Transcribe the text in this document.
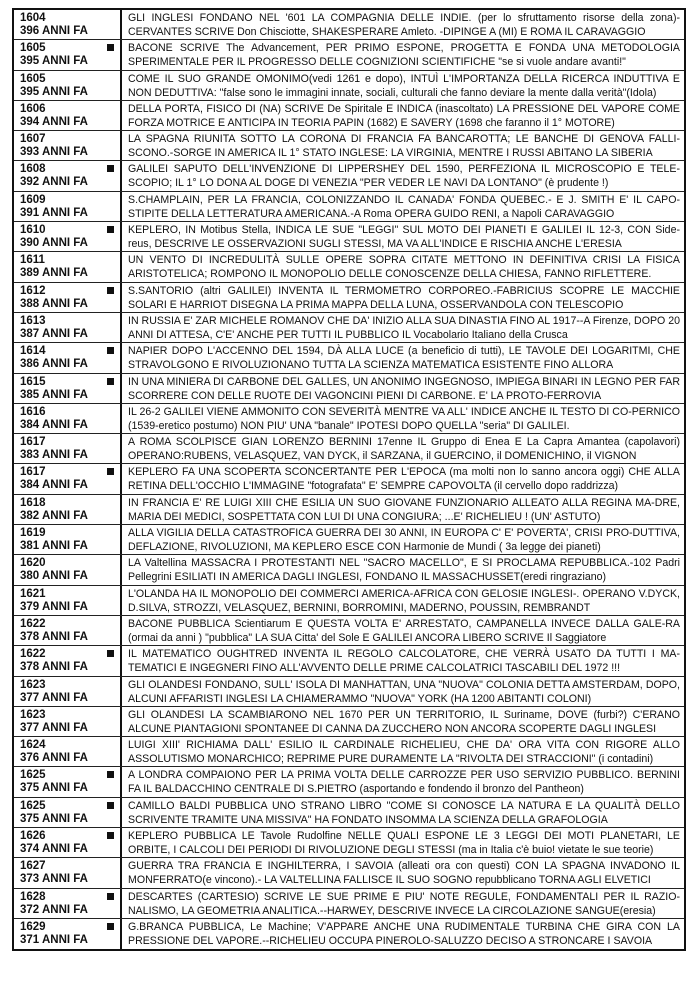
1604
396 ANNI FA
GLI INGLESI FONDANO NEL '601 LA COMPAGNIA DELLE INDIE. (per lo sfruttamento risorse della zona)-CERVANTES SCRIVE Don Chisciotte, SHAKESPERARE Amleto. -DIPINGE A (MI) E ROMA IL CARAVAGGIO
1605
395 ANNI FA
BACONE SCRIVE The Advancement, PER PRIMO ESPONE, PROGETTA E FONDA UNA METODOLOGIA SPERIMENTALE PER IL PROGRESSO DELLE COGNIZIONI SCIENTIFICHE "se si vuole andare avanti!"
1605
395 ANNI FA
COME IL SUO GRANDE OMONIMO(vedi 1261 e dopo), INTUÌ L'IMPORTANZA DELLA RICERCA INDUTTIVA E NON DEDUTTIVA: "false sono le immagini innate, sociali, culturali che fanno deviare la mente dalla verità"(Idola)
1606
394 ANNI FA
DELLA PORTA, FISICO DI (NA) SCRIVE De Spiritale E INDICA (inascoltato) LA PRESSIONE DEL VAPORE COME FORZA MOTRICE E ANTICIPA IN TEORIA PAPIN (1682) E SAVERY (1698 che faranno il 1° MOTORE)
1607
393 ANNI FA
LA SPAGNA RIUNITA SOTTO LA CORONA DI FRANCIA FA BANCAROTTA; LE BANCHE DI GENOVA FALLI-SCONO.-SORGE IN AMERICA IL 1° STATO INGLESE: LA VIRGINIA, MENTRE I RUSSI ABITANO LA SIBERIA
1608
392 ANNI FA
GALILEI SAPUTO DELL'INVENZIONE DI LIPPERSHEY DEL 1590, PERFEZIONA IL MICROSCOPIO E TELE-SCOPIO; IL 1° LO DONA AL DOGE DI VENEZIA "PER VEDER LE NAVI DA LONTANO" (è prudente !)
1609
391 ANNI FA
S.CHAMPLAIN, PER LA FRANCIA, COLONIZZANDO IL CANADA' FONDA QUEBEC.- E J. SMITH E' IL CAPO-STIPITE DELLA LETTERATURA AMERICANA.-A Roma OPERA GUIDO RENI, a Napoli CARAVAGGIO
1610
390 ANNI FA
KEPLERO, IN Motibus Stella, INDICA LE SUE "LEGGI" SUL MOTO DEI PIANETI E GALILEI IL 12-3, CON Side-reus, DESCRIVE LE OSSERVAZIONI SUGLI STESSI, MA VA ALL'INDICE E RISCHIA ANCHE L'ERESIA
1611
389 ANNI FA
UN VENTO DI INCREDULITÀ SULLE OPERE SOPRA CITATE METTONO IN DEFINITIVA CRISI LA FISICA ARISTOTELICA; ROMPONO IL MONOPOLIO DELLE CONOSCENZE DELLA CHIESA, FANNO RIFLETTERE.
1612
388 ANNI FA
S.SANTORIO (altri GALILEI) INVENTA IL TERMOMETRO CORPOREO.-FABRICIUS SCOPRE LE MACCHIE SOLARI E HARRIOT DISEGNA LA PRIMA MAPPA DELLA LUNA, OSSERVANDOLA CON TELESCOPIO
1613
387 ANNI FA
IN RUSSIA E' ZAR MICHELE ROMANOV CHE DA' INIZIO ALLA SUA DINASTIA FINO AL 1917--A Firenze, DOPO 20 ANNI DI ATTESA, C'E' ANCHE PER TUTTI IL PUBBLICO IL Vocabolario Italiano della Crusca
1614
386 ANNI FA
NAPIER DOPO L'ACCENNO DEL 1594, DÀ ALLA LUCE (a beneficio di tutti), LE TAVOLE DEI LOGARITMI, CHE STRAVOLGONO E RIVOLUZIONANO TUTTA LA SCIENZA MATEMATICA ESISTENTE FINO ALLORA
1615
385 ANNI FA
IN UNA MINIERA DI CARBONE DEL GALLES, UN ANONIMO INGEGNOSO, IMPIEGA BINARI IN LEGNO PER FAR SCORRERE CON DELLE RUOTE DEI VAGONCINI PIENI DI CARBONE. E' LA PROTO-FERROVIA
1616
384 ANNI FA
IL 26-2 GALILEI VIENE AMMONITO CON SEVERITÀ MENTRE VA ALL' INDICE ANCHE IL TESTO DI CO-PERNICO (1539-eretico postumo) NON PIU' UNA "banale" IPOTESI DOPO QUELLA "seria" DI GALILEI.
1617
383 ANNI FA
A ROMA SCOLPISCE GIAN LORENZO BERNINI 17enne IL Gruppo di Enea E La Capra Amantea (capolavori) OPERANO:RUBENS, VELASQUEZ, VAN DYCK, il SARZANA, il GUERCINO, il DOMENICHINO, il VIGNON
1617
384 ANNI FA
KEPLERO FA UNA SCOPERTA SCONCERTANTE PER L'EPOCA (ma molti non lo sanno ancora oggi) CHE ALLA RETINA DELL'OCCHIO L'IMMAGINE "fotografata" E' SEMPRE CAPOVOLTA (il cervello dopo raddrizza)
1618
382 ANNI FA
IN FRANCIA E' RE LUIGI XIII CHE ESILIA UN SUO GIOVANE FUNZIONARIO ALLEATO ALLA REGINA MA-DRE, MARIA DEI MEDICI, SOSPETTATA CON LUI DI UNA CONGIURA; ...E' RICHELIEU ! (UN' ASTUTO)
1619
381 ANNI FA
ALLA VIGILIA DELLA CATASTROFICA GUERRA DEI 30 ANNI, IN EUROPA C' E' POVERTA', CRISI PRO-DUTTIVA, DEFLAZIONE, RIVOLUZIONI, MA KEPLERO ESCE CON Harmonie de Mundi ( 3a legge dei pianeti)
1620
380 ANNI FA
LA Valtellina MASSACRA I PROTESTANTI NEL "SACRO MACELLO", E SI PROCLAMA REPUBBLICA.-102 Padri Pellegrini ESILIATI IN AMERICA DAGLI INGLESI, FONDANO IL MASSACHUSSET(eredi ringraziano)
1621
379 ANNI FA
L'OLANDA HA IL MONOPOLIO DEI COMMERCI AMERICA-AFRICA CON GELOSIE INGLESI-. OPERANO V.DYCK, D.SILVA, STROZZI, VELASQUEZ, BERNINI, BORROMINI, MADERNO, POUSSIN, REMBRANDT
1622
378 ANNI FA
BACONE PUBBLICA Scientiarum E QUESTA VOLTA E' ARRESTATO, CAMPANELLA INVECE DALLA GALE-RA (ormai da anni ) "pubblica" LA SUA Citta' del Sole E GALILEI ANCORA LIBERO SCRIVE Il Saggiatore
1622
378 ANNI FA
IL MATEMATICO OUGHTRED INVENTA IL REGOLO CALCOLATORE, CHE VERRÀ USATO DA TUTTI I MA-TEMATICI E INGEGNERI FINO ALL'AVVENTO DELLE PRIME CALCOLATRICI TASCABILI DEL 1972 !!!
1623
377 ANNI FA
GLI OLANDESI FONDANO, SULL' ISOLA DI MANHATTAN, UNA "NUOVA" COLONIA DETTA AMSTERDAM, DOPO, ALCUNI AFFARISTI INGLESI LA CHIAMERAMMO "NUOVA" YORK (HA 1200 ABITANTI COLONI)
1623
377 ANNI FA
GLI OLANDESI LA SCAMBIARONO NEL 1670 PER UN TERRITORIO, IL Suriname, DOVE (furbi?) C'ERANO ALCUNE PIANTAGIONI SPONTANEE DI CANNA DA ZUCCHERO NON ANCORA SCOPERTE DAGLI INGLESI
1624
376 ANNI FA
LUIGI XIII' RICHIAMA DALL' ESILIO IL CARDINALE RICHELIEU, CHE DA' ORA VITA CON RIGORE ALLO ASSOLUTISMO MONARCHICO; REPRIME PURE DURAMENTE LA "RIVOLTA DEI STRACCIONI" (i contadini)
1625
375 ANNI FA
A LONDRA COMPAIONO PER LA PRIMA VOLTA DELLE CARROZZE PER USO SERVIZIO PUBBLICO. BERNINI FA IL BALDACCHINO CENTRALE DI S.PIETRO (asportando e fondendo il bronzo del Pantheon)
1625
375 ANNI FA
CAMILLO BALDI PUBBLICA UNO STRANO LIBRO "COME SI CONOSCE LA NATURA E LA QUALITÀ DELLO SCRIVENTE TRAMITE UNA MISSIVA" HA FONDATO INSOMMA LA SCIENZA DELLA GRAFOLOGIA
1626
374 ANNI FA
KEPLERO PUBBLICA LE Tavole Rudolfine NELLE QUALI ESPONE LE 3 LEGGI DEI MOTI PLANETARI, LE ORBITE, I CALCOLI DEI PERIODI DI RIVOLUZIONE DEGLI STESSI (ma in Italia c'è buio! vietate le sue teorie)
1627
373 ANNI FA
GUERRA TRA FRANCIA E INGHILTERRA, I SAVOIA (alleati ora con questi) CON LA SPAGNA INVADONO IL MONFERRATO(e vincono).- LA VALTELLINA FALLISCE IL SUO SOGNO repubblicano TORNA AGLI ELVETICI
1628
372 ANNI FA
DESCARTES (CARTESIO) SCRIVE LE SUE PRIME E PIU' NOTE REGULE, FONDAMENTALI PER IL RAZIO-NALISMO, LA GEOMETRIA ANALITICA.--HARWEY, DESCRIVE INVECE LA CIRCOLAZIONE SANGUE(eresia)
1629
371 ANNI FA
G.BRANCA PUBBLICA, Le Machine; V'APPARE ANCHE UNA RUDIMENTALE TURBINA CHE GIRA CON LA PRESSIONE DEL VAPORE.--RICHELIEU OCCUPA PINEROLO-SALUZZO DECISO A STRONCARE I SAVOIA
